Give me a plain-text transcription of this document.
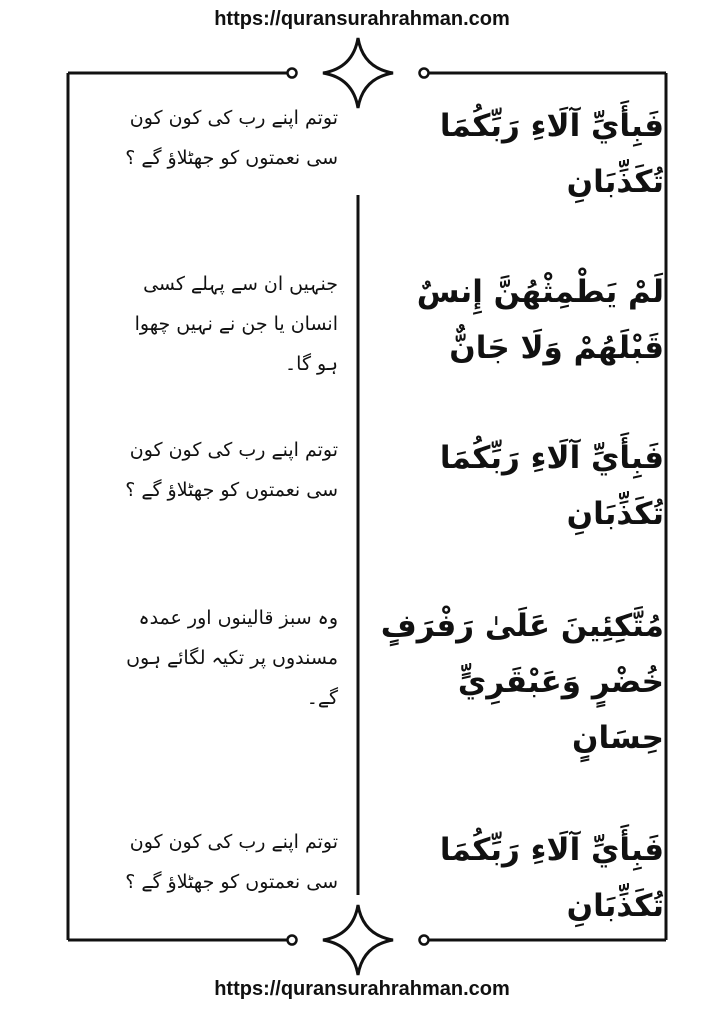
https://quransurahrahman.com
فَبِأَيِّ آلَاءِ رَبِّكُمَا تُكَذِّبَانِ
توتم اپنے رب کی کون کون سی نعمتوں کو جھٹلاؤ گے ؟
لَمْ يَطْمِثْهُنَّ إِنسٌ قَبْلَهُمْ وَلَا جَانٌّ
جنہیں ان سے پہلے کسی انسان یا جن نے نہیں چھوا ہو گا۔
فَبِأَيِّ آلَاءِ رَبِّكُمَا تُكَذِّبَانِ
توتم اپنے رب کی کون کون سی نعمتوں کو جھٹلاؤ گے ؟
مُتَّكِئِينَ عَلَىٰ رَفْرَفٍ خُضْرٍ وَعَبْقَرِيٍّ حِسَانٍ
وہ سبز قالینوں اور عمدہ مسندوں پر تکیہ لگائے ہوں گے۔
فَبِأَيِّ آلَاءِ رَبِّكُمَا تُكَذِّبَانِ
توتم اپنے رب کی کون کون سی نعمتوں کو جھٹلاؤ گے ؟
https://quransurahrahman.com
